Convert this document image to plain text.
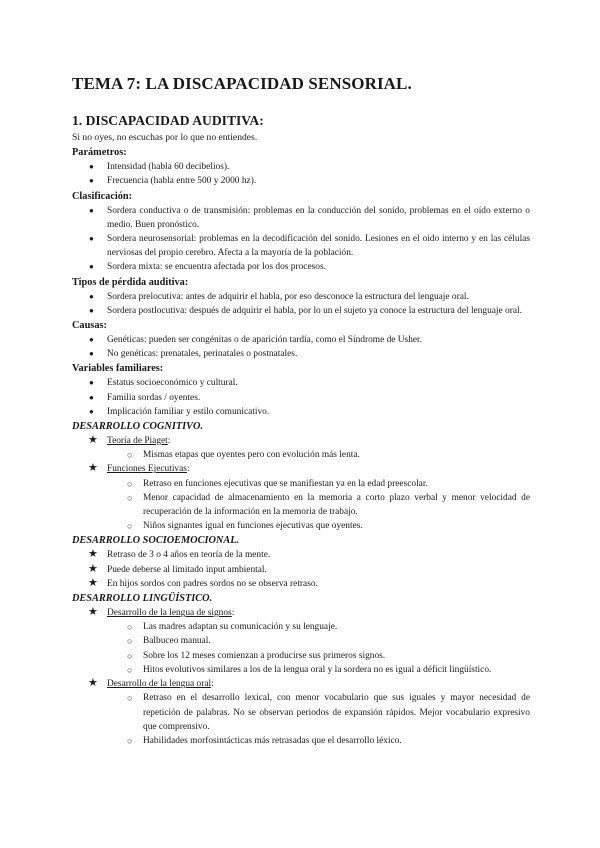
TEMA 7: LA DISCAPACIDAD SENSORIAL.
1. DISCAPACIDAD AUDITIVA:

Si no oyes, no escuchas por lo que no entiendes.

Parámetros:

● Intensidad (habla 60 decibelios).
● Frecuencia (habla entre 500 y 2000 hz).

Clasificación:

● Sordera conductiva o de transmisión: problemas en la conducción del sonido, problemas en el oído externo o medio. Buen pronóstico.
● Sordera neurosensorial: problemas en la decodificación del sonido. Lesiones en el oído interno y en las células nerviosas del propio cerebro. Afecta a la mayoría de la población.
● Sordera mixta: se encuentra afectada por los dos procesos.

Tipos de pérdida auditiva:

● Sordera prelocutiva: antes de adquirir el habla, por eso desconoce la estructura del lenguaje oral.
● Sordera postlocutiva: después de adquirir el habla, por lo un el sujeto ya conoce la estructura del lenguaje oral.

Causas:

● Genéticas: pueden ser congénitas o de aparición tardía, como el Síndrome de Usher.
● No genéticas: prenatales, perinatales o postnatales.

Variables familiares:

● Estatus socioeconómico y cultural.
● Familia sordas / oyentes.
● Implicación familiar y estilo comunicativo.

DESARROLLO COGNITIVO.

★ Teoría de Piaget:
○ Mismas etapas que oyentes pero con evolución más lenta.
★ Funciones Ejecutivas:
○ Retraso en funciones ejecutivas que se manifiestan ya en la edad preescolar.
○ Menor capacidad de almacenamiento en la memoria a corto plazo verbal y menor velocidad de recuperación de la información en la memoria de trabajo.
○ Niños signantes igual en funciones ejecutivas que oyentes.

DESARROLLO SOCIOEMOCIONAL.

★ Retraso de 3 o 4 años en teoría de la mente.
★ Puede deberse al limitado input ambiental.
★ En hijos sordos con padres sordos no se observa retraso.

DESARROLLO LINGÜÍSTICO.

★ Desarrollo de la lengua de signos:
○ Las madres adaptan su comunicación y su lenguaje.
○ Balbuceo manual.
○ Sobre los 12 meses comienzan a producirse sus primeros signos.
○ Hitos evolutivos similares a los de la lengua oral y la sordera no es igual a déficit lingüístico.
★ Desarrollo de la lengua oral:
○ Retraso en el desarrollo lexical, con menor vocabulario que sus iguales y mayor necesidad de repetición de palabras. No se observan periodos de expansión rápidos. Mejor vocabulario expresivo que comprensivo.
○ Habilidades morfosintácticas más retrasadas que el desarrollo léxico.
